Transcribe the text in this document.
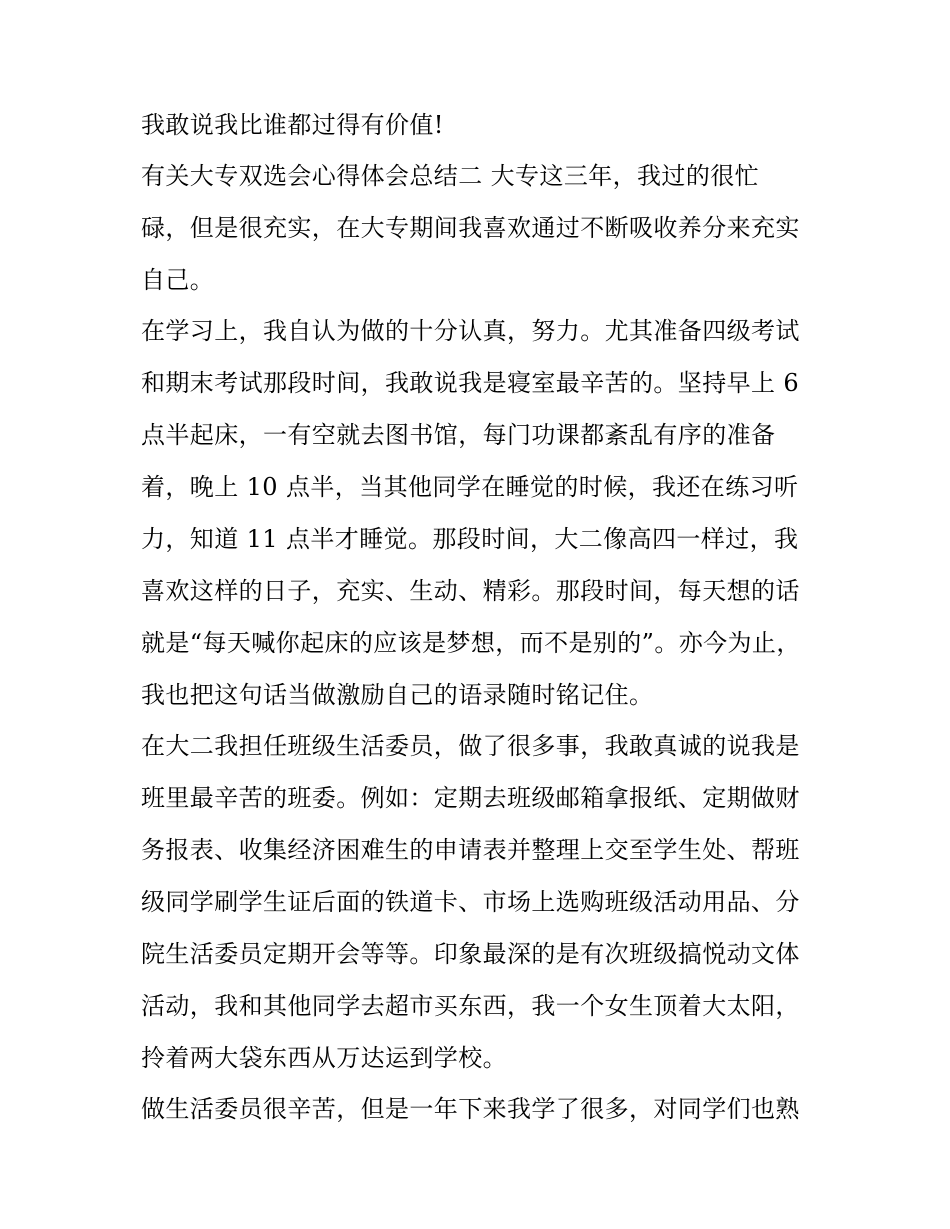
我敢说我比谁都过得有价值!
有关大专双选会心得体会总结二 大专这三年，我过的很忙
碌，但是很充实，在大专期间我喜欢通过不断吸收养分来充实
自己。
在学习上，我自认为做的十分认真，努力。尤其准备四级考试
和期末考试那段时间，我敢说我是寝室最辛苦的。坚持早上 6
点半起床，一有空就去图书馆，每门功课都紊乱有序的准备
着，晚上 10 点半，当其他同学在睡觉的时候，我还在练习听
力，知道 11 点半才睡觉。那段时间，大二像高四一样过，我
喜欢这样的日子，充实、生动、精彩。那段时间，每天想的话
就是“每天喊你起床的应该是梦想，而不是别的”。亦今为止，
我也把这句话当做激励自己的语录随时铭记住。
在大二我担任班级生活委员，做了很多事，我敢真诚的说我是
班里最辛苦的班委。例如：定期去班级邮箱拿报纸、定期做财
务报表、收集经济困难生的申请表并整理上交至学生处、帮班
级同学刷学生证后面的铁道卡、市场上选购班级活动用品、分
院生活委员定期开会等等。印象最深的是有次班级搞悦动文体
活动，我和其他同学去超市买东西，我一个女生顶着大太阳，
拎着两大袋东西从万达运到学校。
做生活委员很辛苦，但是一年下来我学了很多，对同学们也熟
